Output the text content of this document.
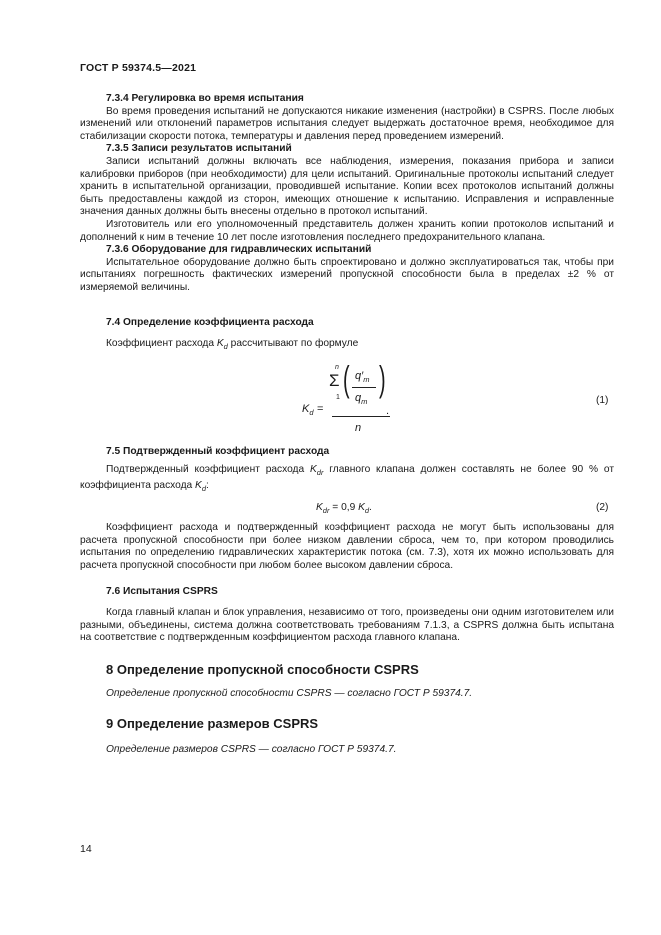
ГОСТ Р 59374.5—2021
7.3.4 Регулировка во время испытания

Во время проведения испытаний не допускаются никакие изменения (настройки) в CSPRS. После любых изменений или отклонений параметров испытания следует выдержать достаточное время, необходимое для стабилизации скорости потока, температуры и давления перед проведением измерений.

7.3.5 Записи результатов испытаний

Записи испытаний должны включать все наблюдения, измерения, показания прибора и записи калибровки приборов (при необходимости) для цели испытаний. Оригинальные протоколы испытаний следует хранить в испытательной организации, проводившей испытание. Копии всех протоколов испытаний должны быть предоставлены каждой из сторон, имеющих отношение к испытанию. Исправления и исправленные значения данных должны быть внесены отдельно в протокол испытаний.

Изготовитель или его уполномоченный представитель должен хранить копии протоколов испытаний и дополнений к ним в течение 10 лет после изготовления последнего предохранительного клапана.

7.3.6 Оборудование для гидравлических испытаний

Испытательное оборудование должно быть спроектировано и должно эксплуатироваться так, чтобы при испытаниях погрешность фактических измерений пропускной способности была в пределах ±2 % от измеряемой величины.

7.4 Определение коэффициента расхода

Коэффициент расхода $K_d$ рассчитывают по формуле

$K_d$ =
n
Σ
1 ( $q'_m$
$q_m$
)
n
.
(1)
7.5 Подтвержденный коэффициент расхода

Подтвержденный коэффициент расхода $K_{dr}$ главного клапана должен составлять не более 90 % от коэффициента расхода $K_d$:

$K_{dr} = 0,9$ $K_d$.	(2)

Коэффициент расхода и подтвержденный коэффициент расхода не могут быть использованы для расчета пропускной способности при более низком давлении сброса, чем то, при котором проводились испытания по определению гидравлических характеристик потока (см. 7.3), хотя их можно использовать для расчета пропускной способности при любом более высоком давлении сброса.

7.6 Испытания CSPRS

Когда главный клапан и блок управления, независимо от того, произведены они одним изготовителем или разными, объединены, система должна соответствовать требованиям 7.1.3, а CSPRS должна быть испытана на соответствие с подтвержденным коэффициентом расхода главного клапана.

8 Определение пропускной способности CSPRS
Определение пропускной способности CSPRS — согласно ГОСТ Р 59374.7.
9 Определение размеров CSPRS
Определение размеров CSPRS — согласно ГОСТ Р 59374.7.
14
